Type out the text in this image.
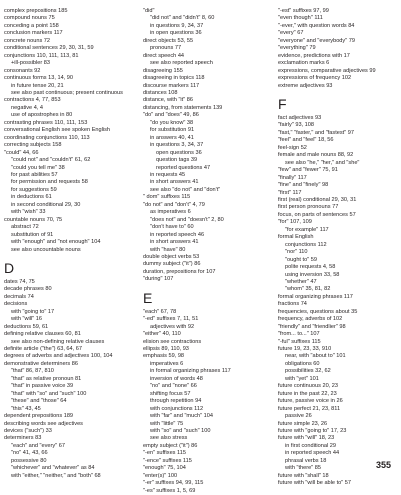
complex prepositions 185
compound nouns 75
conceding a point 158
conclusion markers 117
concrete nouns 72
conditional sentences 29, 30, 31, 59
conjunctions 110, 111, 113, 81
+ill-possibler 83
consonants 92
continuous forms 13, 14, 90
in future tense 20, 21
see also past continuous; present continuous
contractions 4, 77, 853
negative 4, 4
use of apostrophes in 80
contrasting phrases 110, 111, 153
conversational English see spoken English
coordinating conjunctions 110, 113
correcting subjects 158
"could" 44, 66
"could not" and "couldn't" 61, 62
"could you tell me" 38
for past abilities 57
for permission and requests 58
for suggestions 59
in deductions 61
in second conditional 29, 30
with "wish" 33
countable nouns 70, 75
abstract 72
substitution of 91
with "enough" and "not enough" 104
see also uncountable nouns
D
dates 74, 75
decade phrases 80
decimals 74
decisions
with "going to" 17
with "will" 16
deductions 59, 61
defining relative clauses 60, 81
see also non-defining relative clauses
definite article ("the") 63, 64, 67
degrees of adverbs and adjectives 100, 104
demonstrative determiners 86
"that" 86, 87, 810
"that" as relative pronoun 81
"that" in passive voice 39
"that" with "so" and "such" 100
"these" and "those" 64
"this" 43, 45
dependent prepositions 189
describing words see adjectives
devices ("such") 33
determiners 83
"each" and "every" 67
"no" 41, 43, 66
possessive 80
"whichever" and "whatever" as 84
with "either," "neither," and "both" 68
"did"
"did not" and "didn't" 8, 60
in questions 9, 34, 37
in open questions 36
direct objects 53, 55
pronouns 77
direct speech 44
see also reported speech
disagreeing 155
disagreeing in topics 118
discourse markers 117
distances 108
distance, with "it" 86
distancing, from statements 139
"do" and "does" 49, 86
"do you know" 38
for substitution 91
in answers 40, 41
in questions 3, 34, 37
open questions 36
question tags 39
reported questions 47
in requests 45
in short answers 41
see also "do not" and "don't"
" dom" suffixes 115
"do not" and "don't" 4, 79
as imperatives 6
"does not" and "doesn't" 2, 80
"don't have to" 60
in reported speech 46
in short answers 41
with "have" 80
double object verbs 53
dummy subject ("it") 86
duration, prepositions for 107
"during" 107
E
"each" 67, 78
"-ed" suffixes 7, 11, 51
adjectives with 92
"either" 40, 110
elision see contractions
ellipsis 89, 110, 93
emphasis 59, 98
imperatives 6
in formal organizing phrases 117
inversion of words 48
"no" and "none" 66
shifting focus 57
through repetition 94
with conjunctions 112
with "far" and "much" 104
with "little" 75
with "so" and "such" 100
see also stress
empty subject ("it") 86
"-en" suffixes 115
"-ence" suffixes 115
"enough" 75, 104
"enter(s)" 100
"-er" suffixes 94, 99, 115
"-es" suffixes 1, 5, 69
"-est" suffixes 97, 99
"even though" 111
"-ever," with question words 84
"every" 67
"everyone" and "everybody" 79
"everything" 79
evidence, predictions with 17
exclamation marks 6
expressions, comparative adjectives 99
expressions of frequency 102
extreme adjectives 93
F
fact adjectives 93
"fairly" 93, 108
"fast," "faster," and "fastest" 97
"feel" and "feel" 18, 56
feel-sign 52
female and male nouns 88, 92
see also "he," "her," and "she"
"few" and "fewer" 75, 91
"finally" 117
"fine" and "finely" 98
"first" 117
first (real) conditional 29, 30, 31
first person pronouns 77
focus, on parts of sentences 57
"for" 107, 109
"for example" 117
formal English
conjunctions 112
"nor" 110
"ought to" 59
polite requests 4, 58
using inversion 33, 58
"whether" 47
"whom" 35, 81, 82
formal organizing phrases 117
fractions 74
frequencies, questions about 35
frequency, adverbs of 102
"friendly" and "friendlier" 98
"from... to..." 107
"-ful" suffixes 115
future 19, 23, 33, 910
near, with "about to" 101
obligations 60
possibilities 32, 62
with "yet" 101
future continuous 20, 23
future in the past 22, 23
future, passive voice in 26
future perfect 21, 23, 811
passive 26
future simple 23, 26
future with "going to" 17, 23
future with "will" 18, 23
in first conditional 29
in reported speech 44
phrasal verbs 18
with "there" 85
future with "shall" 18
future with "will be able to" 57
355
